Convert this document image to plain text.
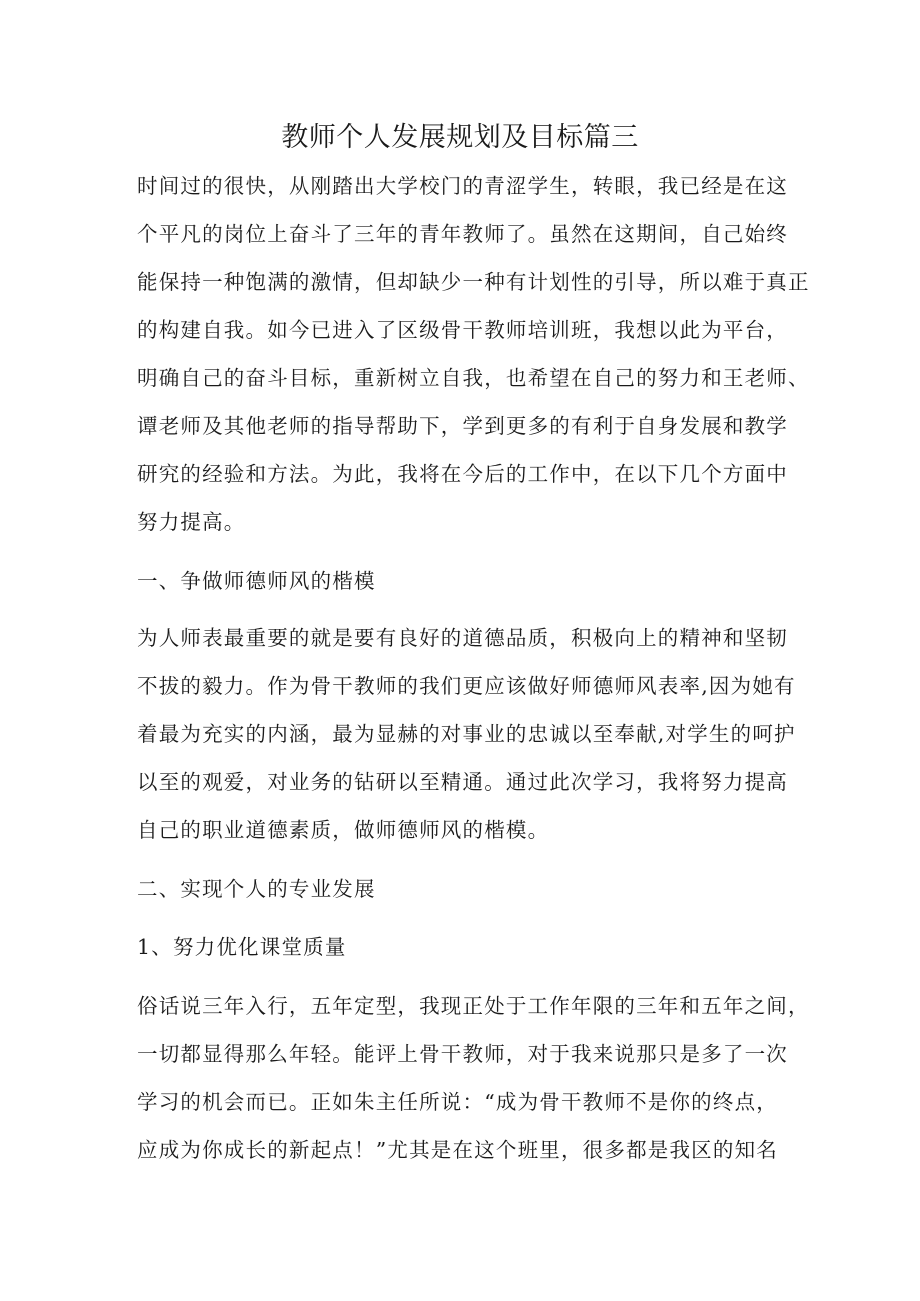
教师个人发展规划及目标篇三
时间过的很快，从刚踏出大学校门的青涩学生，转眼，我已经是在这
个平凡的岗位上奋斗了三年的青年教师了。虽然在这期间，自己始终
能保持一种饱满的激情，但却缺少一种有计划性的引导，所以难于真正
的构建自我。如今已进入了区级骨干教师培训班，我想以此为平台，
明确自己的奋斗目标，重新树立自我，也希望在自己的努力和王老师、
谭老师及其他老师的指导帮助下，学到更多的有利于自身发展和教学
研究的经验和方法。为此，我将在今后的工作中，在以下几个方面中
努力提高。
一、争做师德师风的楷模
为人师表最重要的就是要有良好的道德品质，积极向上的精神和坚韧
不拔的毅力。作为骨干教师的我们更应该做好师德师风表率,因为她有
着最为充实的内涵，最为显赫的对事业的忠诚以至奉献,对学生的呵护
以至的观爱，对业务的钻研以至精通。通过此次学习，我将努力提高
自己的职业道德素质，做师德师风的楷模。
二、实现个人的专业发展
1、努力优化课堂质量
俗话说三年入行，五年定型，我现正处于工作年限的三年和五年之间，
一切都显得那么年轻。能评上骨干教师，对于我来说那只是多了一次
学习的机会而已。正如朱主任所说：“成为骨干教师不是你的终点，
应成为你成长的新起点！”尤其是在这个班里，很多都是我区的知名
